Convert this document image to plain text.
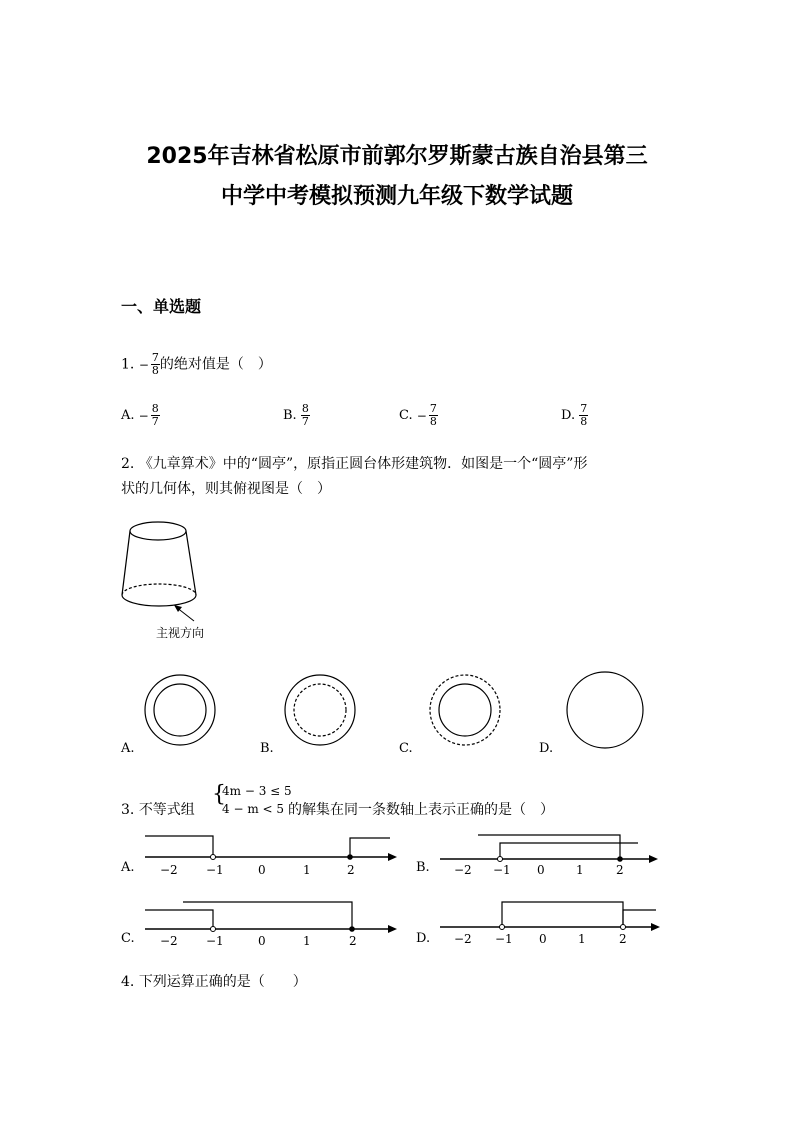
2025年吉林省松原市前郭尔罗斯蒙古族自治县第三
中学中考模拟预测九年级下数学试题
一、单选题
1. − $\frac{7}{8}$ 的绝对值是（　）
A. − $\frac{8}{7}$	B. $\frac{8}{7}$	C. − $\frac{7}{8}$	D. $\frac{7}{8}$
2. 《九章算术》中的“圆亭”，原指正圆台体形建筑物．如图是一个“圆亭”形
状的几何体，则其俯视图是（　）
主视方向
A.	B.	C.	D.
3. 不等式组
{
4m − 3 ≤ 5
4 − m < 5 的解集在同一条数轴上表示正确的是（　）
A. −2 −1	0	1	2	B. −2 −1 0	1	2
C. −2 −1	0	1	2	D. −2 −1 0	1	2
4. 下列运算正确的是（　　）
